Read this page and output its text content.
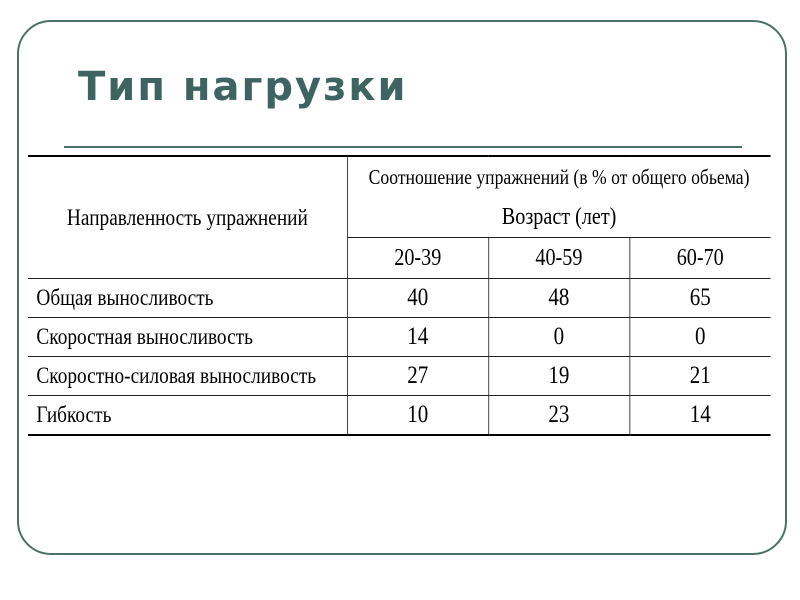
Тип нагрузки
Направленность упражнений	Соотношение упражнений (в % от общего обьема)		
	Возраст (лет)		
	20-39	40-59	60-70
Общая выносливость	40	48	65
Скоростная выносливость	14	0	0
Скоростно-силовая выносливость	27	19	21
Гибкость	10	23	14
